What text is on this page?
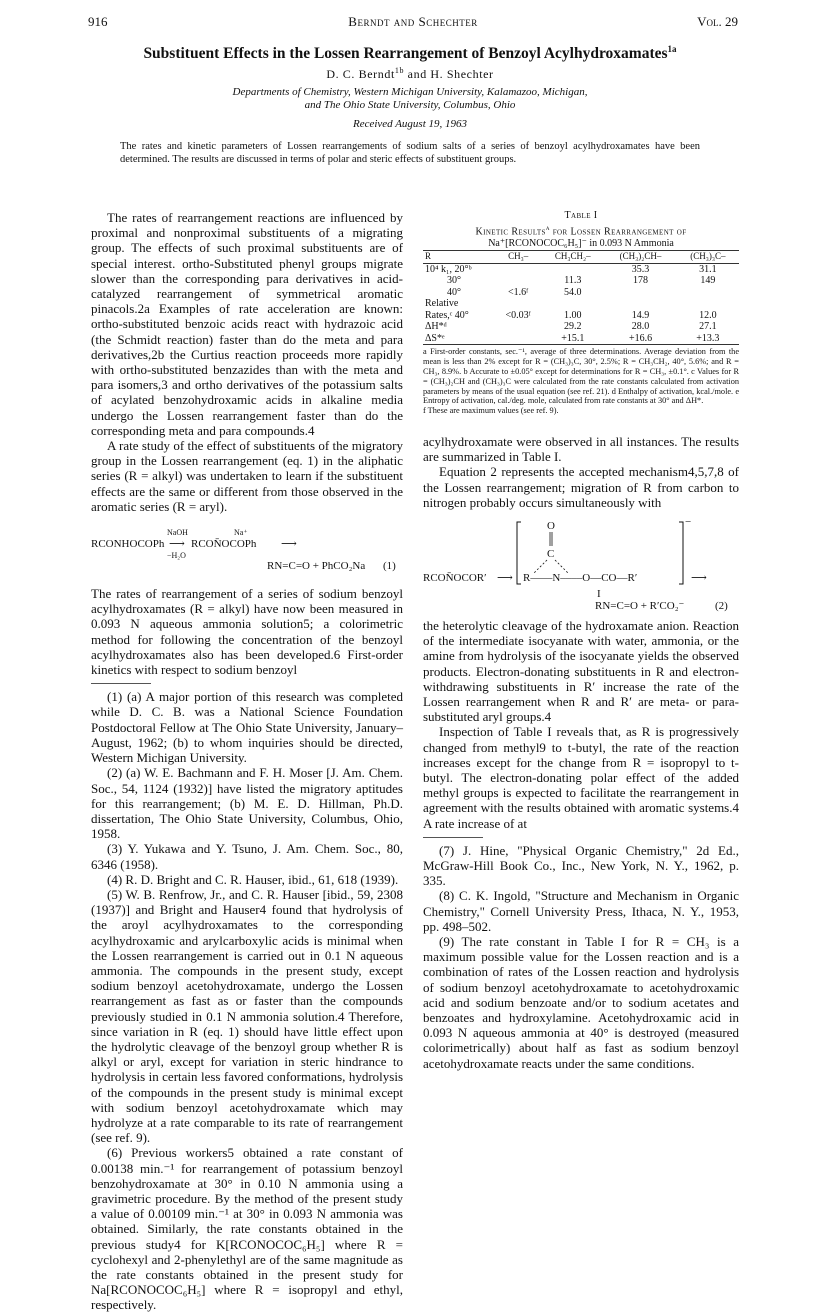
916	Berndt and Schechter	Vol. 29
Substituent Effects in the Lossen Rearrangement of Benzoyl Acylhydroxamates$^{1a}$
D. C. Berndt$^{1b}$ and H. Shechter
Departments of Chemistry, Western Michigan University, Kalamazoo, Michigan,
and The Ohio State University, Columbus, Ohio
Received August 19, 1963
The rates and kinetic parameters of Lossen rearrangements of sodium salts of a series of benzoyl acylhydroxamates have been determined. The results are discussed in terms of polar and steric effects of substituent groups.

The rates of rearrangement reactions are influenced by proximal and nonproximal substituents of a migrating group. The effects of such proximal substituents are of special interest. ortho-Substituted phenyl groups migrate slower than the corresponding para derivatives in acid-catalyzed rearrangement of symmetrical aromatic pinacols.2a Examples of rate acceleration are known: ortho-substituted benzoic acids react with hydrazoic acid (the Schmidt reaction) faster than do the meta and para derivatives,2b the Curtius reaction proceeds more rapidly with ortho-substituted benzazides than with the meta and para isomers,3 and ortho derivatives of the potassium salts of acylated benzohydroxamic acids in alkaline media undergo the Lossen rearrangement faster than do the corresponding meta and para compounds.4

A rate study of the effect of substituents of the migratory group in the Lossen rearrangement (eq. 1) in the aliphatic series (R = alkyl) was undertaken to learn if the substituent effects are the same or different from those observed in the aromatic series (R = aryl).

RCONHOCOPh
NaOH
⟶
−H₂O
Na⁺
RCON̄OCOPh ⟶
RN=C=O + PhCO₂Na (1)

The rates of rearrangement of a series of sodium benzoyl acylhydroxamates (R = alkyl) have now been measured in 0.093 N aqueous ammonia solution5; a colorimetric method for following the concentration of the benzoyl acylhydroxamates also has been developed.6 First-order kinetics with respect to sodium benzoyl

(1) (a) A major portion of this research was completed while D. C. B. was a National Science Foundation Postdoctoral Fellow at The Ohio State University, January–August, 1962; (b) to whom inquiries should be directed, Western Michigan University.

(2) (a) W. E. Bachmann and F. H. Moser [J. Am. Chem. Soc., 54, 1124 (1932)] have listed the migratory aptitudes for this rearrangement; (b) M. E. D. Hillman, Ph.D. dissertation, The Ohio State University, Columbus, Ohio, 1958.

(3) Y. Yukawa and Y. Tsuno, J. Am. Chem. Soc., 80, 6346 (1958).

(4) R. D. Bright and C. R. Hauser, ibid., 61, 618 (1939).

(5) W. B. Renfrow, Jr., and C. R. Hauser [ibid., 59, 2308 (1937)] and Bright and Hauser4 found that hydrolysis of the aroyl acylhydroxamates to the corresponding acylhydroxamic and arylcarboxylic acids is minimal when the Lossen rearrangement is carried out in 0.1 N aqueous ammonia. The compounds in the present study, except sodium benzoyl acetohydroxamate, undergo the Lossen rearrangement as fast as or faster than the compounds previously studied in 0.1 N ammonia solution.4 Therefore, since variation in R (eq. 1) should have little effect upon the hydrolytic cleavage of the benzoyl group whether R is alkyl or aryl, except for variation in steric hindrance to hydrolysis in certain less favored conformations, hydrolysis of the compounds in the present study is minimal except with sodium benzoyl acetohydroxamate which may hydrolyze at a rate comparable to its rate of rearrangement (see ref. 9).

(6) Previous workers5 obtained a rate constant of 0.00138 min.⁻¹ for rearrangement of potassium benzoyl benzohydroxamate at 30° in 0.10 N ammonia using a gravimetric procedure. By the method of the present study a value of 0.00109 min.⁻¹ at 30° in 0.093 N ammonia was obtained. Similarly, the rate constants obtained in the previous study4 for K[RCONOCOC₆H₅] where R = cyclohexyl and 2-phenylethyl are of the same magnitude as the rate constants obtained in the present study for Na[RCONOCOC₆H₅] where R = isopropyl and ethyl, respectively.

Table I
Kinetic Results$^a$ for Lossen Rearrangement of
Na⁺[RCONOCOC₆H₅]⁻ in 0.093 N Ammonia
R	CH₃–	CH₃CH₂–	(CH₃)₂CH–	(CH₃)₃C–
10⁴ k₁, 20°ᵇ			35.3	31.1
30°		11.3	178	149
40°	<1.6ᶠ	54.0		
Relative				
Rates,ᶜ 40°	<0.03ᶠ	1.00	14.9	12.0
ΔH*ᵈ		29.2	28.0	27.1
ΔS*ᵉ		+15.1	+16.6	+13.3
a First-order constants, sec.⁻¹, average of three determinations. Average deviation from the mean is less than 2% except for R = (CH₃)₃C, 30°, 2.5%; R = CH₃CH₂, 40°, 5.6%; and R = CH₃, 8.9%. b Accurate to ±0.05° except for determinations for R = CH₃, ±0.1°. c Values for R = (CH₃)₂CH and (CH₃)₃C were calculated from the rate constants calculated from activation parameters by means of the usual equation (see ref. 21). d Enthalpy of activation, kcal./mole. e Entropy of activation, cal./deg. mole, calculated from rate constants at 30° and ΔH*.
f These are maximum values (see ref. 9).

acylhydroxamate were observed in all instances. The results are summarized in Table I.

Equation 2 represents the accepted mechanism4,5,7,8 of the Lossen rearrangement; migration of R from carbon to nitrogen probably occurs simultaneously with

O
C
−
RCON̄OCOR′ ⟶ R––––N––––O—CO—R′	⟶
I
RN=C=O + R′CO₂⁻	(2)

the heterolytic cleavage of the hydroxamate anion. Reaction of the intermediate isocyanate with water, ammonia, or the amine from hydrolysis of the isocyanate yields the observed products. Electron-donating substituents in R and electron-withdrawing substituents in R′ increase the rate of the Lossen rearrangement when R and R′ are meta- or para-substituted aryl groups.4

Inspection of Table I reveals that, as R is progressively changed from methyl9 to t-butyl, the rate of the reaction increases except for the change from R = isopropyl to t-butyl. The electron-donating polar effect of the added methyl groups is expected to facilitate the rearrangement in agreement with the results obtained with aromatic systems.4 A rate increase of at

(7) J. Hine, "Physical Organic Chemistry," 2d Ed., McGraw-Hill Book Co., Inc., New York, N. Y., 1962, p. 335.

(8) C. K. Ingold, "Structure and Mechanism in Organic Chemistry," Cornell University Press, Ithaca, N. Y., 1953, pp. 498–502.

(9) The rate constant in Table I for R = CH₃ is a maximum possible value for the Lossen reaction and is a combination of rates of the Lossen reaction and hydrolysis of sodium benzoyl acetohydroxamate to acetohydroxamic acid and sodium benzoate and/or to sodium acetates and benzoates and hydroxylamine. Acetohydroxamic acid in 0.093 N aqueous ammonia at 40° is destroyed (measured colorimetrically) about half as fast as sodium benzoyl acetohydroxamate reacts under the same conditions.
